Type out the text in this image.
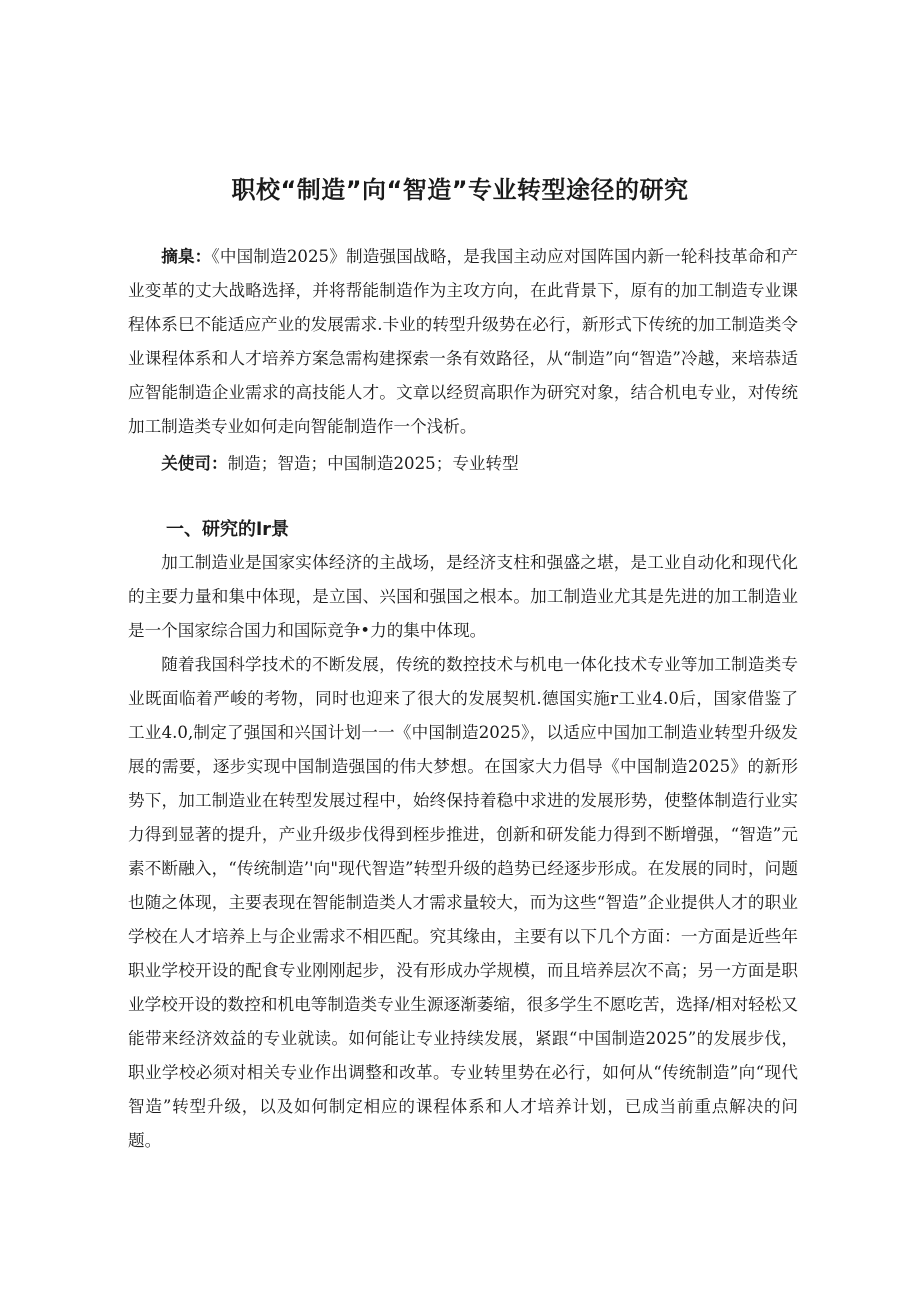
职校“制造”向“智造”专业转型途径的研究

摘臬：《中国制造2025》制造强国战略，是我国主动应对国阵国内新一轮科技革命和产业变革的丈大战略选择，并将帮能制造作为主攻方向，在此背景下，原有的加工制造专业课程体系巳不能适应产业的发展需求.卡业的转型升级势在必行，新形式下传统的加工制造类令业课程体系和人才培养方案急需构建探索一条有效路径，从“制造”向“智造”冷越，来培恭适应智能制造企业需求的高技能人才。文章以经贸高职作为研究对象，结合机电专业，对传统加工制造类专业如何走向智能制造作一个浅析。

关使司：制造；智造；中国制造2025；专业转型

一、研究的lr景

加工制造业是国家实体经济的主战场，是经济支柱和强盛之堪，是工业自动化和现代化的主要力量和集中体现，是立国、兴国和强国之根本。加工制造业尤其是先进的加工制造业是一个国家综合国力和国际竞争•力的集中体现。

随着我国科学技术的不断发展，传统的数控技术与机电一体化技术专业等加工制造类专业既面临着严峻的考物，同时也迎来了很大的发展契机.德国实施r工业4.0后，国家借鉴了工业4.0,制定了强国和兴国计划一一《中国制造2025》，以适应中国加工制造业转型升级发展的需要，逐步实现中国制造强国的伟大梦想。在国家大力倡导《中国制造2025》的新形势下，加工制造业在转型发展过程中，始终保持着稳中求进的发展形势，使整体制造行业实力得到显著的提升，产业升级步伐得到桎步推进，创新和研发能力得到不断增强，“智造”元素不断融入，“传统制造’'向"现代智造”转型升级的趋势已经逐步形成。在发展的同时，问题也随之体现，主要表现在智能制造类人才需求量较大，而为这些“智造”企业提供人才的职业学校在人才培养上与企业需求不相匹配。究其缘由，主要有以下几个方面：一方面是近些年职业学校开设的配食专业刚刚起步，没有形成办学规模，而且培养层次不高；另一方面是职业学校开设的数控和机电等制造类专业生源逐渐萎缩，很多学生不愿吃苦，选择/相对轻松又能带来经济效益的专业就读。如何能让专业持续发展，紧跟“中国制造2025”的发展步伐，职业学校必须对相关专业作出调整和改革。专业转里势在必行，如何从“传统制造”向“现代智造”转型升级，以及如何制定相应的课程体系和人才培养计划，已成当前重点解决的问题。
